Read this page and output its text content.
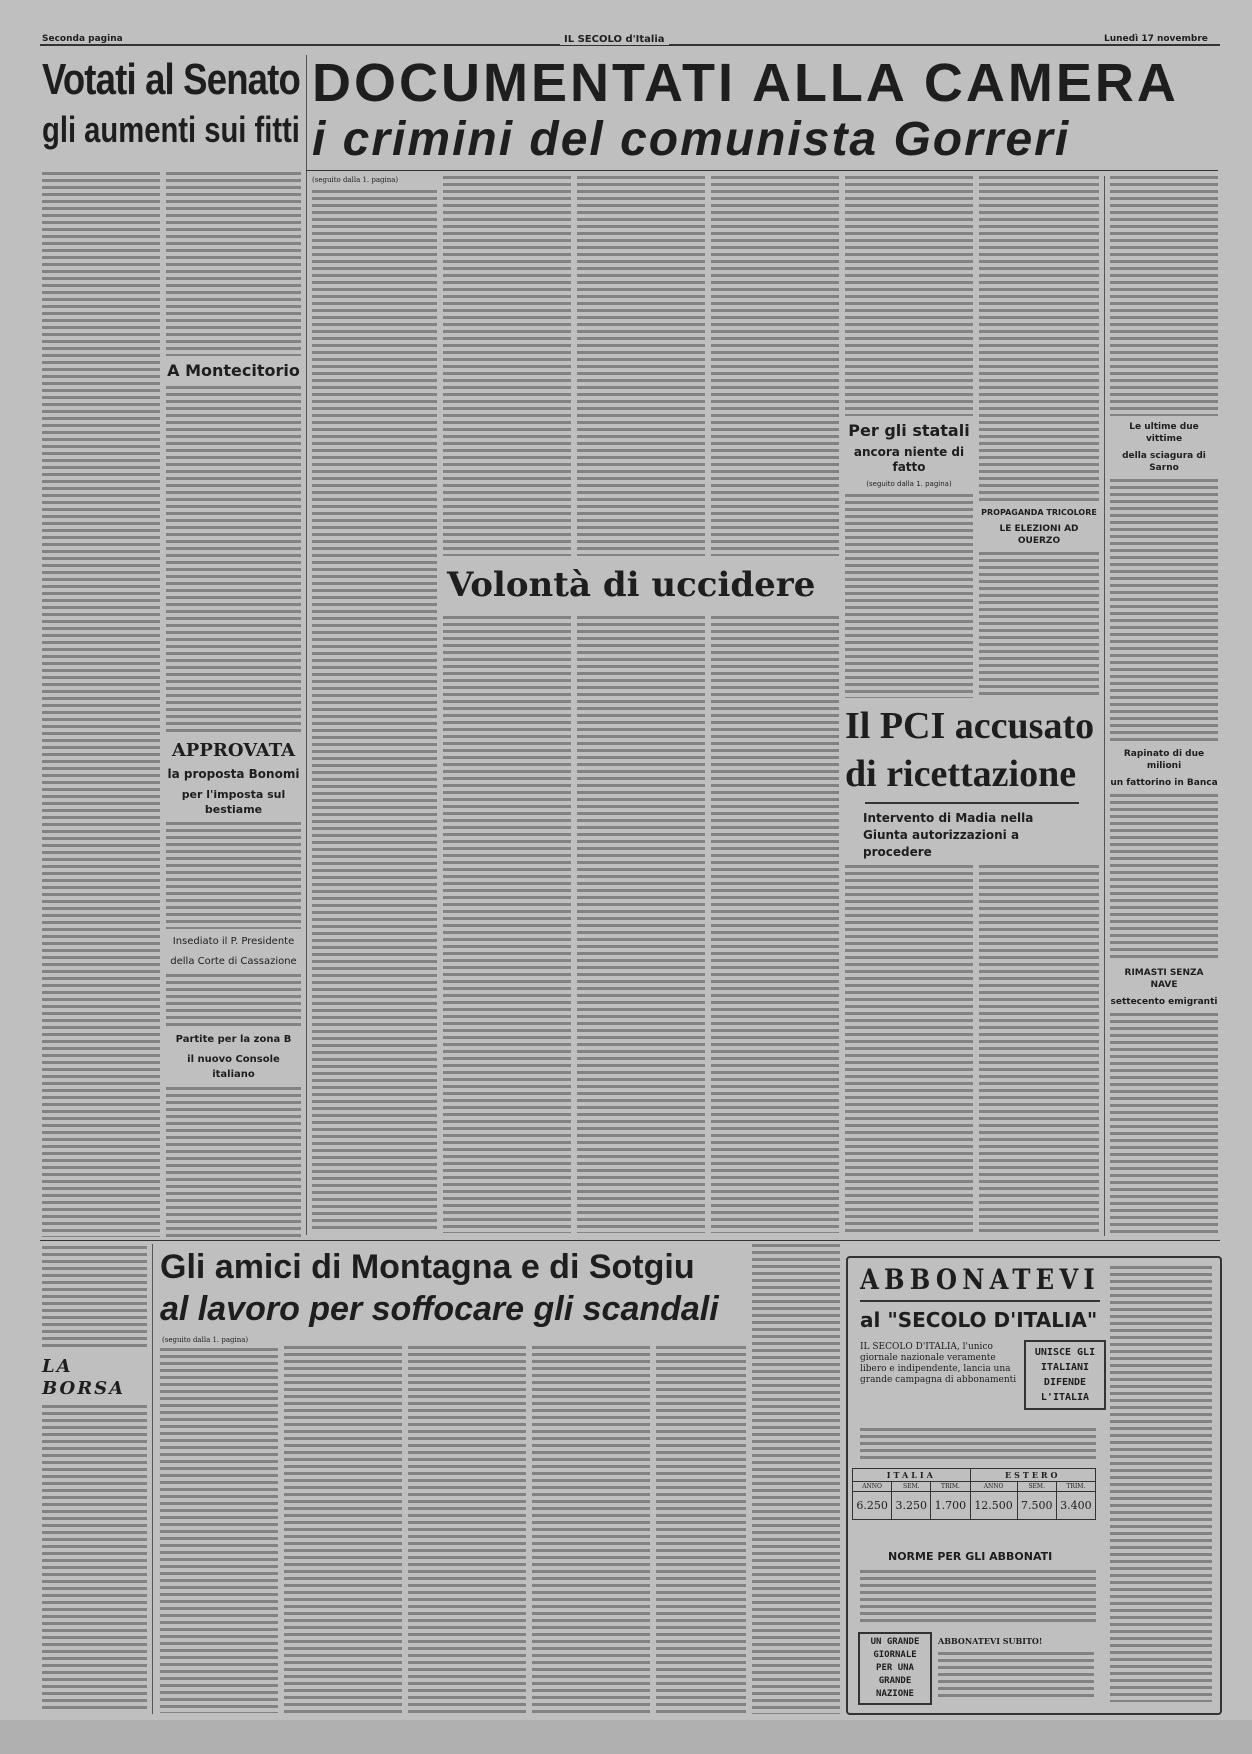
Seconda pagina	IL SECOLO d'Italia	Lunedì 17 novembre
Votati al Senato
gli aumenti sui fitti
DOCUMENTATI ALLA CAMERA
i crimini del comunista Gorreri
A Montecitorio
APPROVATA
la proposta Bonomi
per l'imposta sul bestiame
Insediato il P. Presidente
della Corte di Cassazione
Partite per la zona B
il nuovo Console italiano
LA BORSA
(seguito dalla 1. pagina)
Volontà di uccidere
Per gli statali
ancora niente di fatto
(seguito dalla 1. pagina)
PROPAGANDA TRICOLORE
LE ELEZIONI AD OUERZO
Il PCI accusato
di ricettazione
Intervento di Madia nella Giunta autorizzazioni a procedere
Le ultime due vittime
della sciagura di Sarno
Rapinato di due milioni
un fattorino in Banca
RIMASTI SENZA NAVE
settecento emigranti
Gli amici di Montagna e di Sotgiu
al lavoro per soffocare gli scandali
(seguito dalla 1. pagina)
ABBONATEVI
al "SECOLO D'ITALIA"
IL SECOLO D'ITALIA, l'unico giornale nazionale veramente libero e indipendente, lancia una grande campagna di abbonamenti
UNISCE GLI
ITALIANI
DIFENDE
L'ITALIA
ITALIA			ESTERO		
ANNO	SEM.	TRIM.	ANNO	SEM.	TRIM.
6.250	3.250	1.700	12.500	7.500	3.400
NORME PER GLI ABBONATI
UN GRANDE
GIORNALE
PER UNA
GRANDE
NAZIONE
ABBONATEVI SUBITO!
